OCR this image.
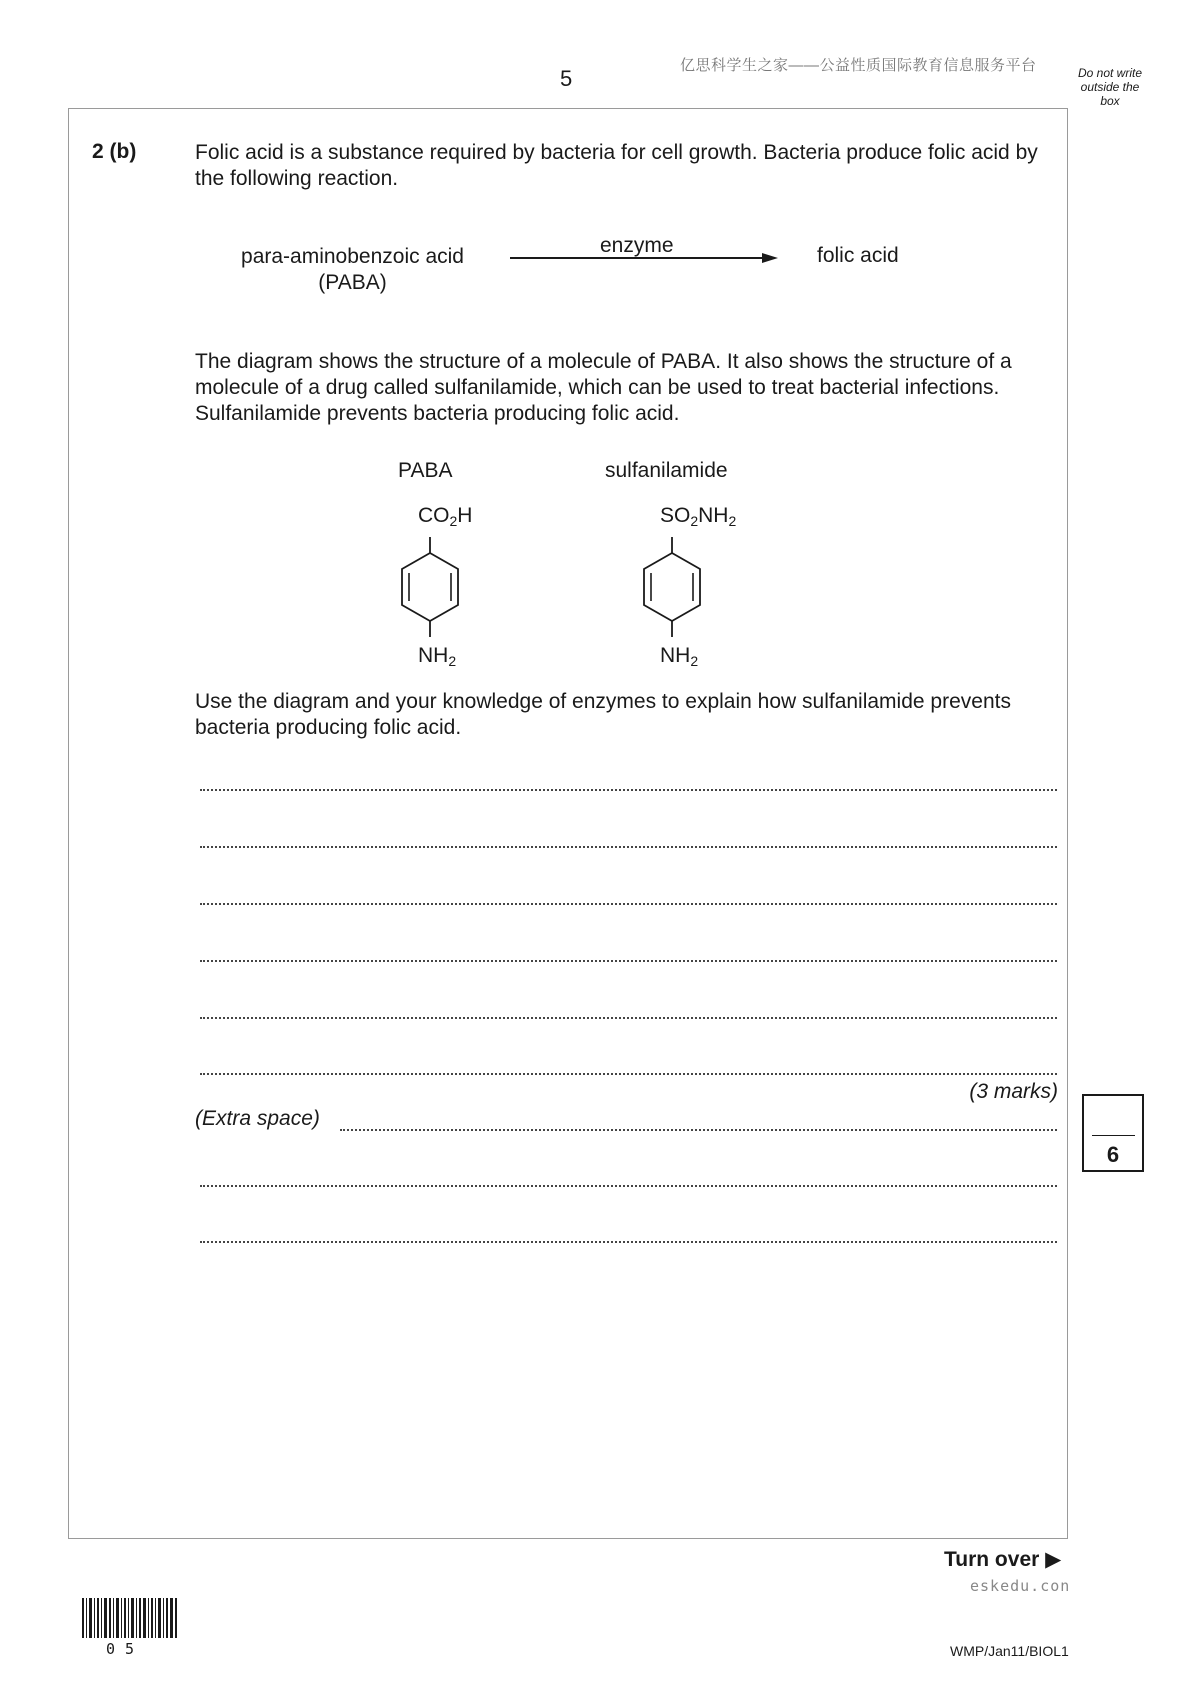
亿思科学生之家——公益性质国际教育信息服务平台
5	Do not write outside the box
2 (b)	Folic acid is a substance required by bacteria for cell growth. Bacteria produce folic acid by the following reaction.
para-aminobenzoic acid
(PABA)
enzyme	folic acid
The diagram shows the structure of a molecule of PABA. It also shows the structure of a molecule of a drug called sulfanilamide, which can be used to treat bacterial infections. Sulfanilamide prevents bacteria producing folic acid.
PABA
$CO_2H$
$NH_2$
sulfanilamide
$SO_2NH_2$
$NH_2$
Use the diagram and your knowledge of enzymes to explain how sulfanilamide prevents bacteria producing folic acid.
(3 marks)
(Extra space)
6
Turn over ▶
eskedu.con
05	WMP/Jan11/BIOL1
